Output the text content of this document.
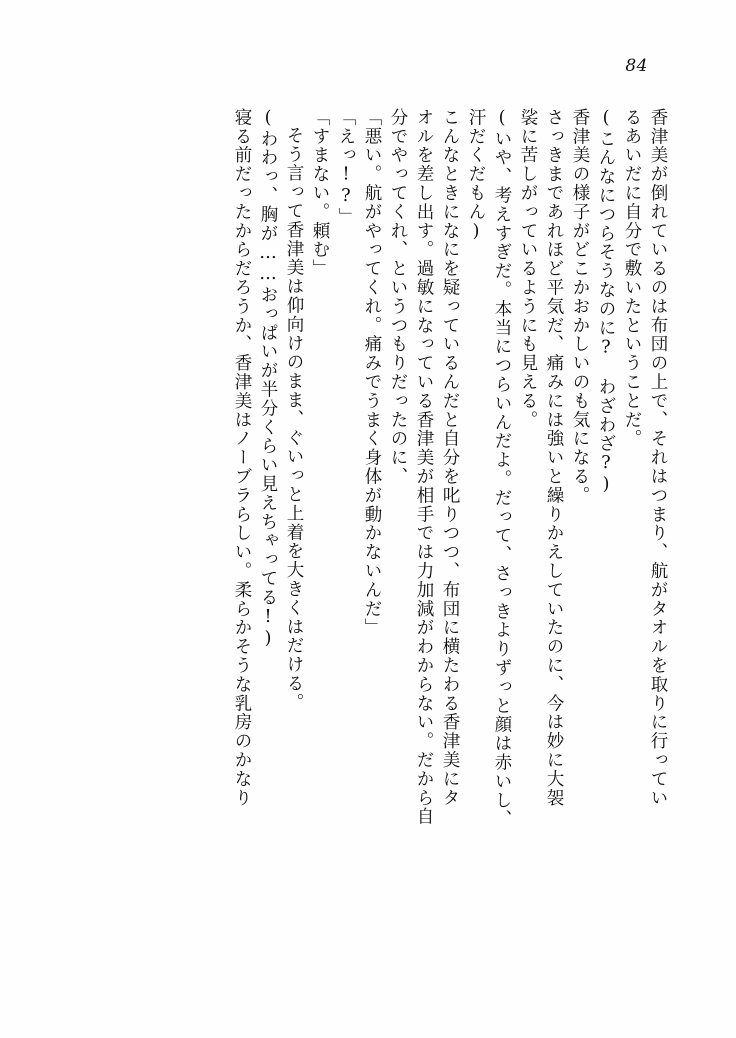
84
香津美が倒れているのは布団の上で、それはつまり、航がタオルを取りに行ってい
るあいだに自分で敷いたということだ。
(こんなにつらそうなのに?　わざわざ?)
香津美の様子がどこかおかしいのも気になる。
さっきまであれほど平気だ、痛みには強いと繰りかえしていたのに、今は妙に大袈
裟に苦しがっているようにも見える。
(いや、考えすぎだ。本当につらいんだよ。だって、さっきよりずっと顔は赤いし、
汗だくだもん)
こんなときになにを疑っているんだと自分を叱りつつ、布団に横たわる香津美にタ
オルを差し出す。過敏になっている香津美が相手では力加減がわからない。だから自
分でやってくれ、というつもりだったのに、
「悪い。航がやってくれ。痛みでうまく身体が動かないんだ」
「えっ!?」
「すまない。頼む」
そう言って香津美は仰向けのまま、ぐいっと上着を大きくはだける。
(わわっ、胸が……おっぱいが半分くらい見えちゃってる!)
寝る前だったからだろうか、香津美はノーブラらしい。柔らかそうな乳房のかなり
